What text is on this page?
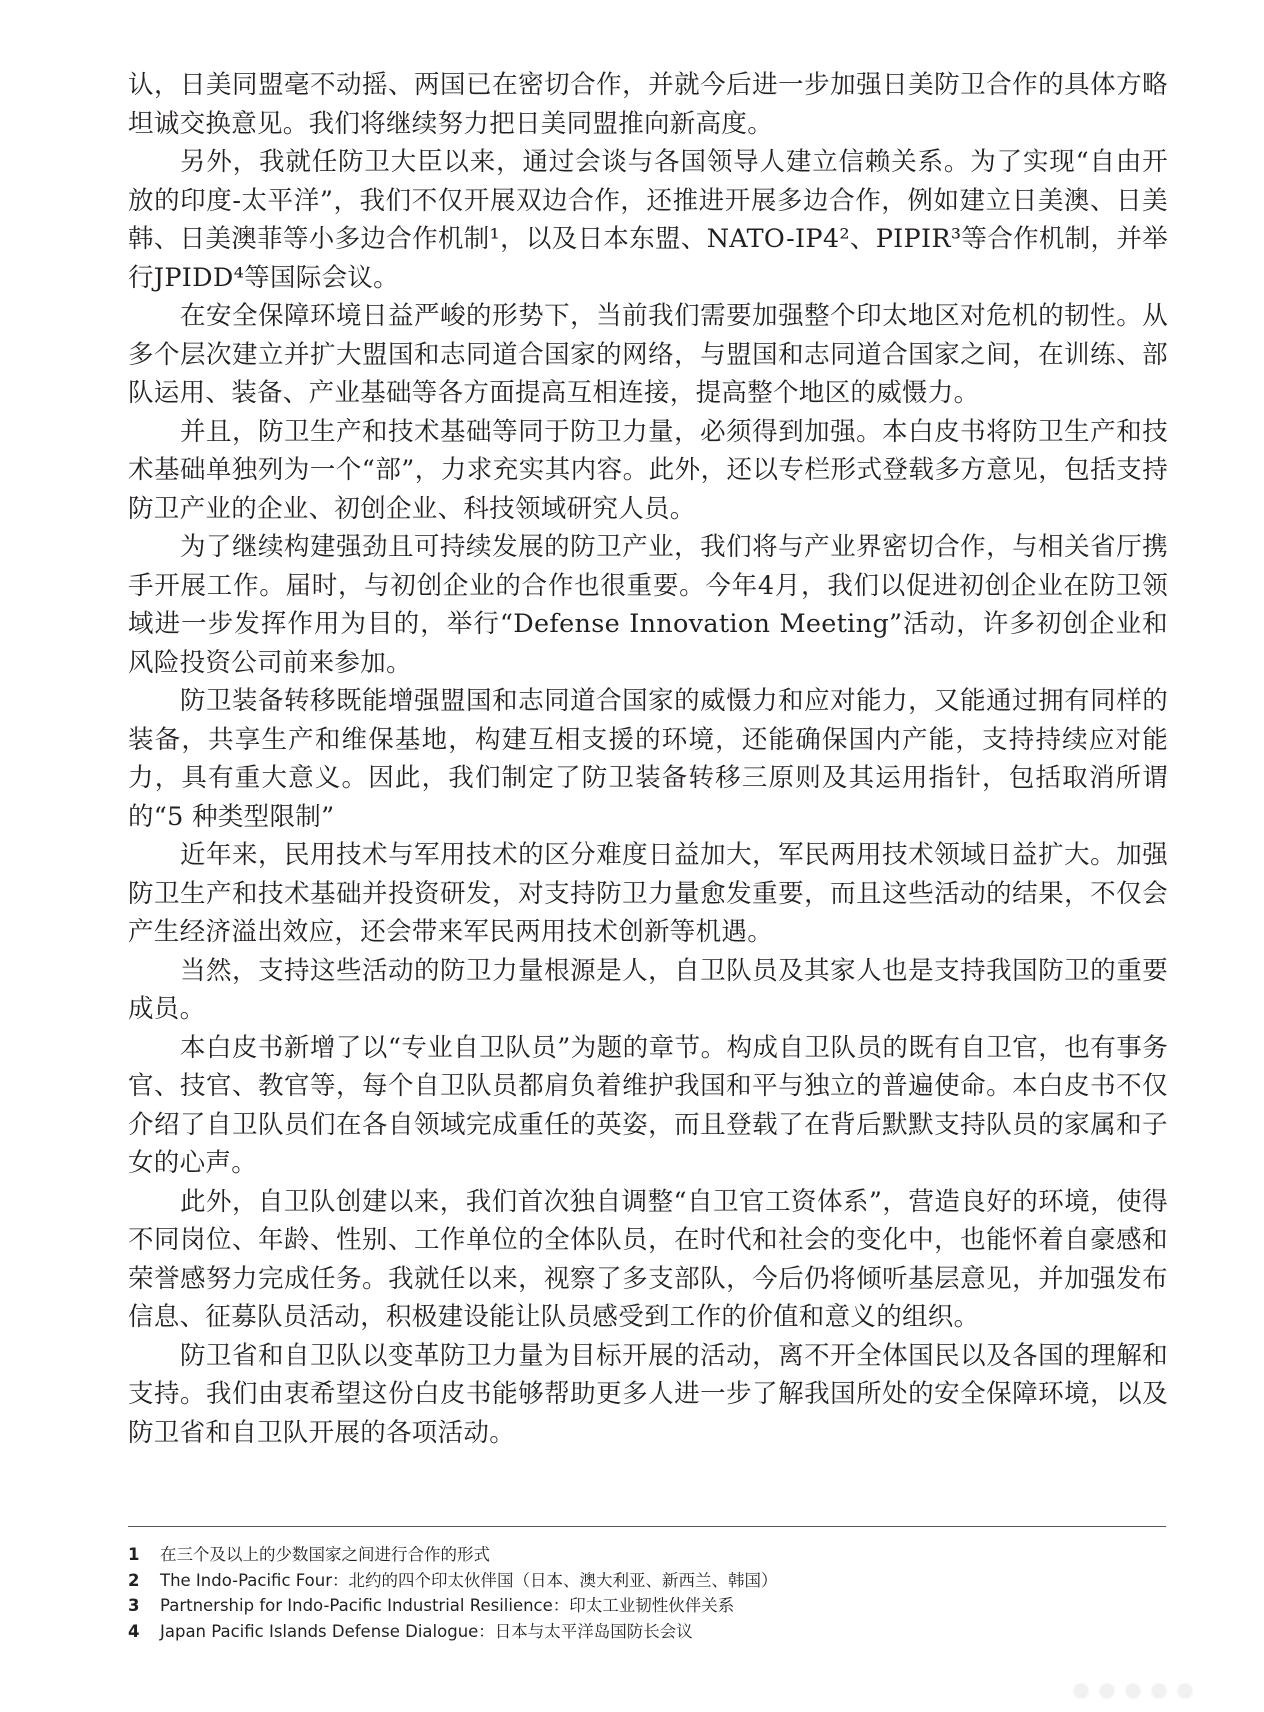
认，日美同盟毫不动摇、两国已在密切合作，并就今后进一步加强日美防卫合作的具体方略坦诚交换意见。我们将继续努力把日美同盟推向新高度。

另外，我就任防卫大臣以来，通过会谈与各国领导人建立信赖关系。为了实现“自由开放的印度-太平洋”，我们不仅开展双边合作，还推进开展多边合作，例如建立日美澳、日美韩、日美澳菲等小多边合作机制¹，以及日本东盟、NATO-IP4²、PIPIR³等合作机制，并举行JPIDD⁴等国际会议。

在安全保障环境日益严峻的形势下，当前我们需要加强整个印太地区对危机的韧性。从多个层次建立并扩大盟国和志同道合国家的网络，与盟国和志同道合国家之间，在训练、部队运用、装备、产业基础等各方面提高互相连接，提高整个地区的威慑力。

并且，防卫生产和技术基础等同于防卫力量，必须得到加强。本白皮书将防卫生产和技术基础单独列为一个“部”，力求充实其内容。此外，还以专栏形式登载多方意见，包括支持防卫产业的企业、初创企业、科技领域研究人员。

为了继续构建强劲且可持续发展的防卫产业，我们将与产业界密切合作，与相关省厅携手开展工作。届时，与初创企业的合作也很重要。今年4月，我们以促进初创企业在防卫领域进一步发挥作用为目的，举行“Defense Innovation Meeting”活动，许多初创企业和风险投资公司前来参加。

防卫装备转移既能增强盟国和志同道合国家的威慑力和应对能力，又能通过拥有同样的装备，共享生产和维保基地，构建互相支援的环境，还能确保国内产能，支持持续应对能力，具有重大意义。因此，我们制定了防卫装备转移三原则及其运用指针，包括取消所谓的“5 种类型限制”

近年来，民用技术与军用技术的区分难度日益加大，军民两用技术领域日益扩大。加强防卫生产和技术基础并投资研发，对支持防卫力量愈发重要，而且这些活动的结果，不仅会产生经济溢出效应，还会带来军民两用技术创新等机遇。

当然，支持这些活动的防卫力量根源是人，自卫队员及其家人也是支持我国防卫的重要成员。

本白皮书新增了以“专业自卫队员”为题的章节。构成自卫队员的既有自卫官，也有事务官、技官、教官等，每个自卫队员都肩负着维护我国和平与独立的普遍使命。本白皮书不仅介绍了自卫队员们在各自领域完成重任的英姿，而且登载了在背后默默支持队员的家属和子女的心声。

此外，自卫队创建以来，我们首次独自调整“自卫官工资体系”，营造良好的环境，使得不同岗位、年龄、性别、工作单位的全体队员，在时代和社会的变化中，也能怀着自豪感和荣誉感努力完成任务。我就任以来，视察了多支部队，今后仍将倾听基层意见，并加强发布信息、征募队员活动，积极建设能让队员感受到工作的价值和意义的组织。

防卫省和自卫队以变革防卫力量为目标开展的活动，离不开全体国民以及各国的理解和支持。我们由衷希望这份白皮书能够帮助更多人进一步了解我国所处的安全保障环境，以及防卫省和自卫队开展的各项活动。

1	在三个及以上的少数国家之间进行合作的形式
2	The Indo-Pacific Four：北约的四个印太伙伴国（日本、澳大利亚、新西兰、韩国）
3	Partnership for Indo-Pacific Industrial Resilience：印太工业韧性伙伴关系
4	Japan Pacific Islands Defense Dialogue：日本与太平洋岛国防长会议
